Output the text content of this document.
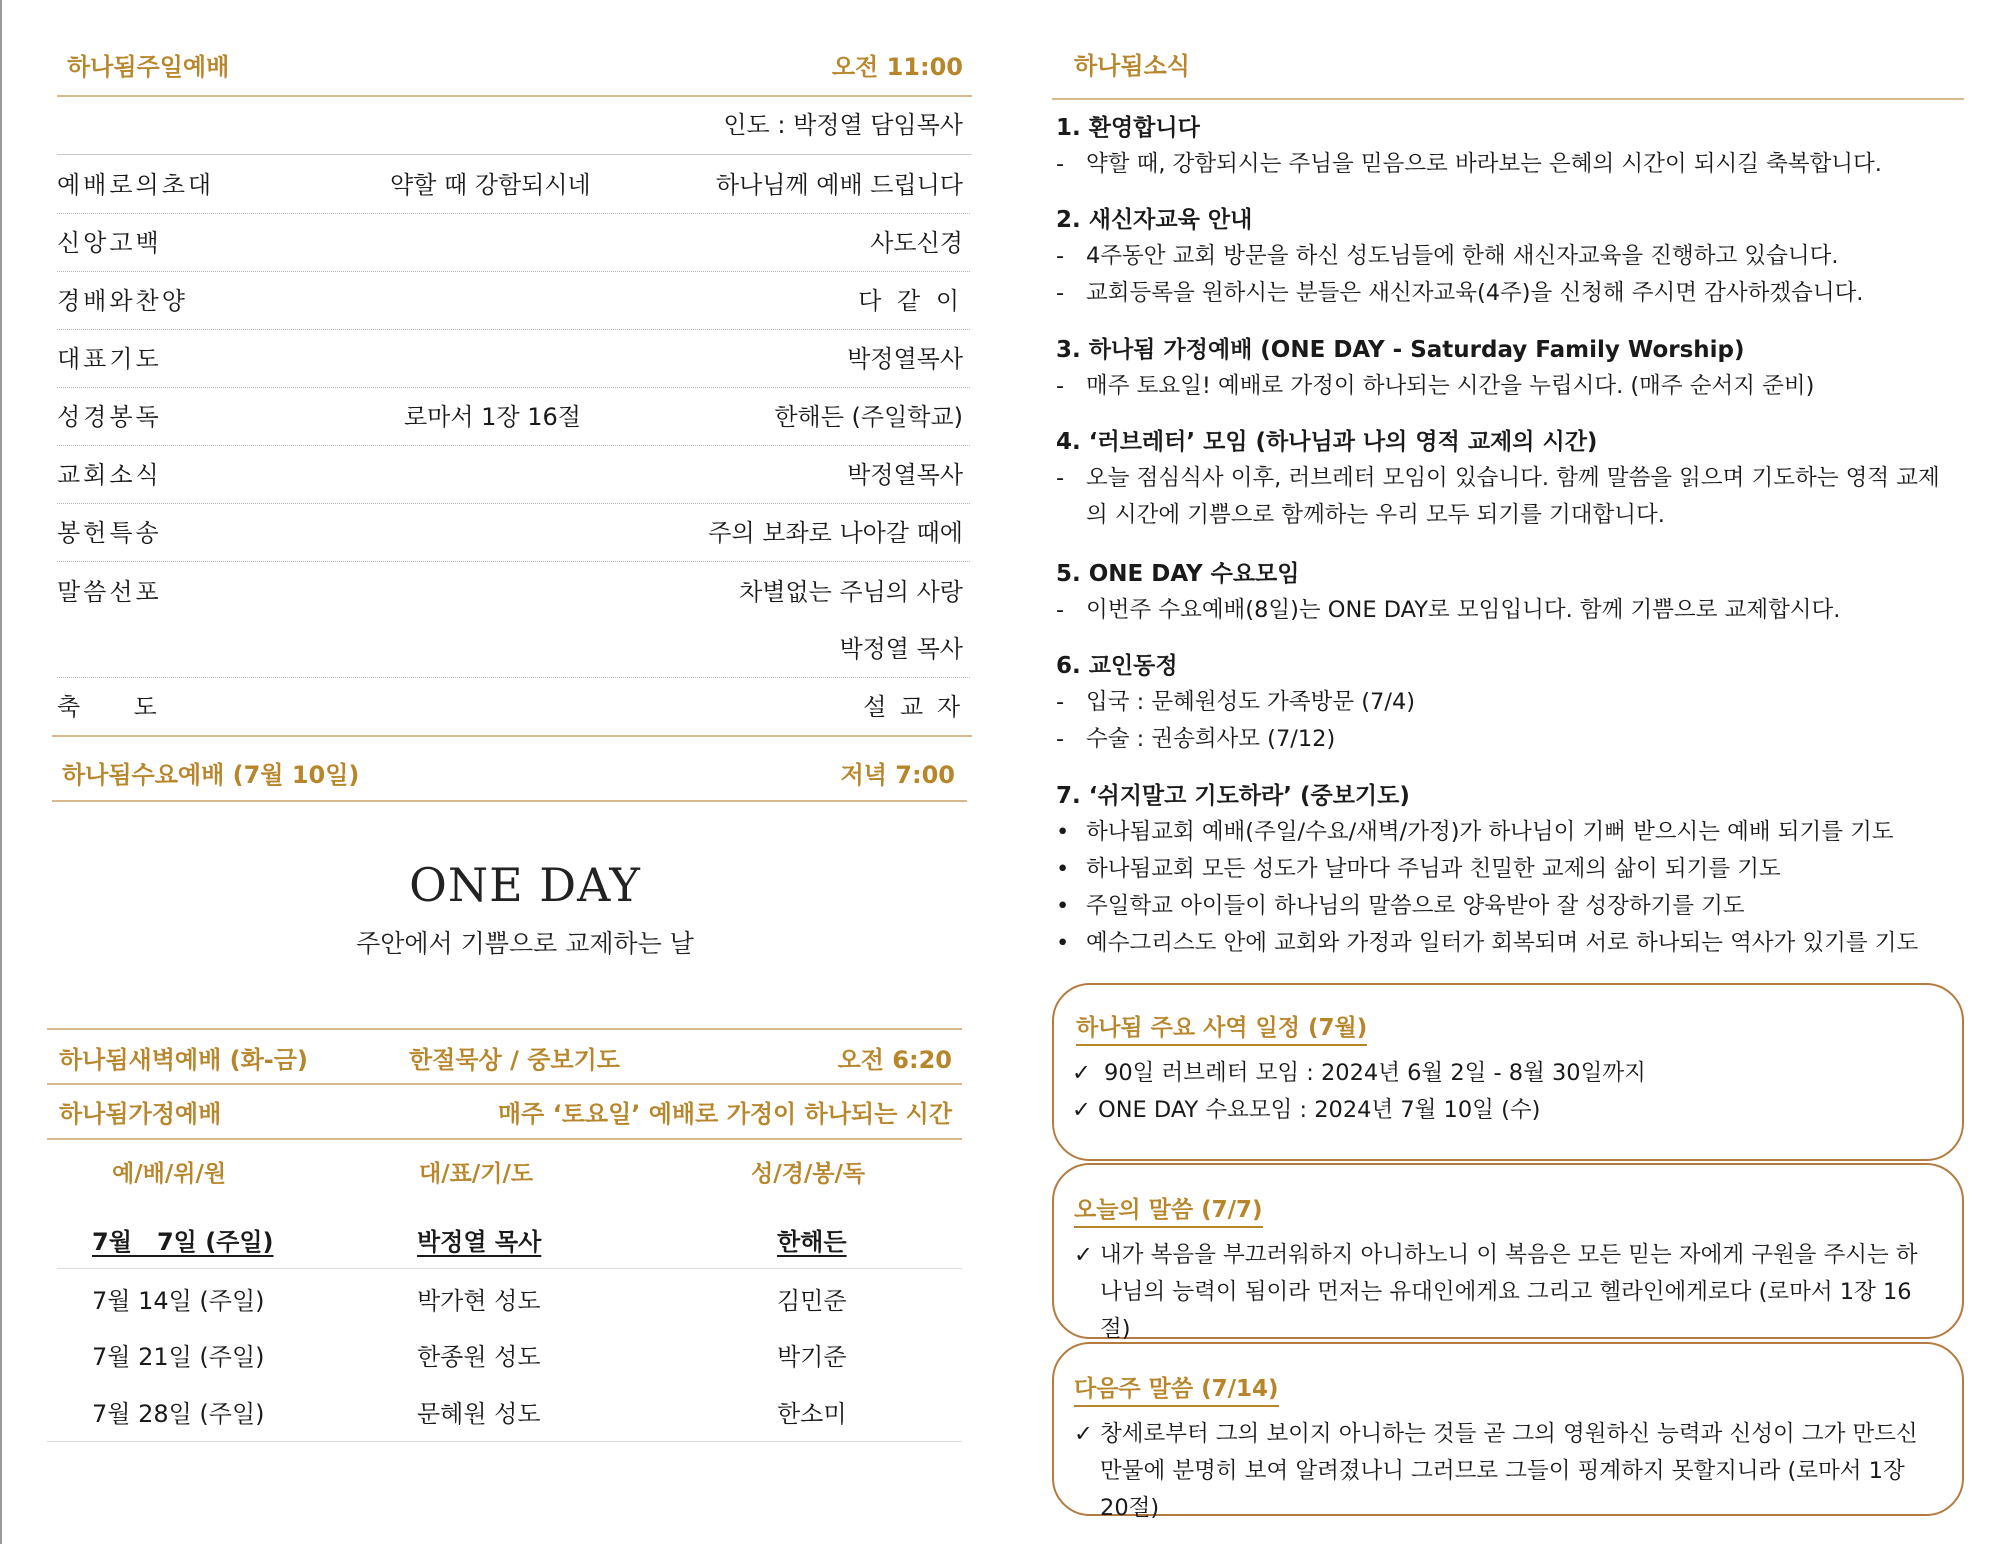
하나됨주일예배	오전 11:00
인도 : 박정열 담임목사
예배로의초대	약할 때 강함되시네	하나님께 예배 드립니다
신앙고백	사도신경
경배와찬양	다 같 이
대표기도	박정열목사
성경봉독	로마서 1장 16절	한해든 (주일학교)
교회소식	박정열목사
봉헌특송	주의 보좌로 나아갈 때에
말씀선포	차별없는 주님의 사랑
박정열 목사
축       도	설 교 자
하나됨수요예배 (7월 10일)	저녁 7:00
ONE DAY
주안에서 기쁨으로 교제하는 날
하나됨새벽예배 (화-금)	한절묵상 / 중보기도	오전 6:20
하나됨가정예배	매주 ‘토요일’ 예배로 가정이 하나되는 시간
예/배/위/원	대/표/기/도	성/경/봉/독
7월   7일 (주일)	박정열 목사	한해든
7월 14일 (주일)	박가현 성도	김민준
7월 21일 (주일)	한종원 성도	박기준
7월 28일 (주일)	문혜원 성도	한소미
하나됨소식
1. 환영합니다
- 약할 때, 강함되시는 주님을 믿음으로 바라보는 은혜의 시간이 되시길 축복합니다.
2. 새신자교육 안내
- 4주동안 교회 방문을 하신 성도님들에 한해 새신자교육을 진행하고 있습니다.
- 교회등록을 원하시는 분들은 새신자교육(4주)을 신청해 주시면 감사하겠습니다.
3. 하나됨 가정예배 (ONE DAY - Saturday Family Worship)
- 매주 토요일! 예배로 가정이 하나되는 시간을 누립시다. (매주 순서지 준비)
4. ‘러브레터’ 모임 (하나님과 나의 영적 교제의 시간)
- 오늘 점심식사 이후, 러브레터 모임이 있습니다. 함께 말씀을 읽으며 기도하는 영적 교제의 시간에 기쁨으로 함께하는 우리 모두 되기를 기대합니다.
5. ONE DAY 수요모임
- 이번주 수요예배(8일)는 ONE DAY로 모임입니다. 함께 기쁨으로 교제합시다.
6. 교인동정
- 입국 : 문혜원성도 가족방문 (7/4)
- 수술 : 권송희사모 (7/12)
7. ‘쉬지말고 기도하라’ (중보기도)
• 하나됨교회 예배(주일/수요/새벽/가정)가 하나님이 기뻐 받으시는 예배 되기를 기도
• 하나됨교회 모든 성도가 날마다 주님과 친밀한 교제의 삶이 되기를 기도
• 주일학교 아이들이 하나님의 말씀으로 양육받아 잘 성장하기를 기도
• 예수그리스도 안에 교회와 가정과 일터가 회복되며 서로 하나되는 역사가 있기를 기도
하나됨 주요 사역 일정 (7월)
✓ 90일 러브레터 모임 : 2024년 6월 2일 - 8월 30일까지
✓ ONE DAY 수요모임 : 2024년 7월 10일 (수)
오늘의 말씀 (7/7)
✓ 내가 복음을 부끄러워하지 아니하노니 이 복음은 모든 믿는 자에게 구원을 주시는 하나님의 능력이 됨이라 먼저는 유대인에게요 그리고 헬라인에게로다 (로마서 1장 16절)
다음주 말씀 (7/14)
✓ 창세로부터 그의 보이지 아니하는 것들 곧 그의 영원하신 능력과 신성이 그가 만드신 만물에 분명히 보여 알려졌나니 그러므로 그들이 핑계하지 못할지니라 (로마서 1장 20절)
